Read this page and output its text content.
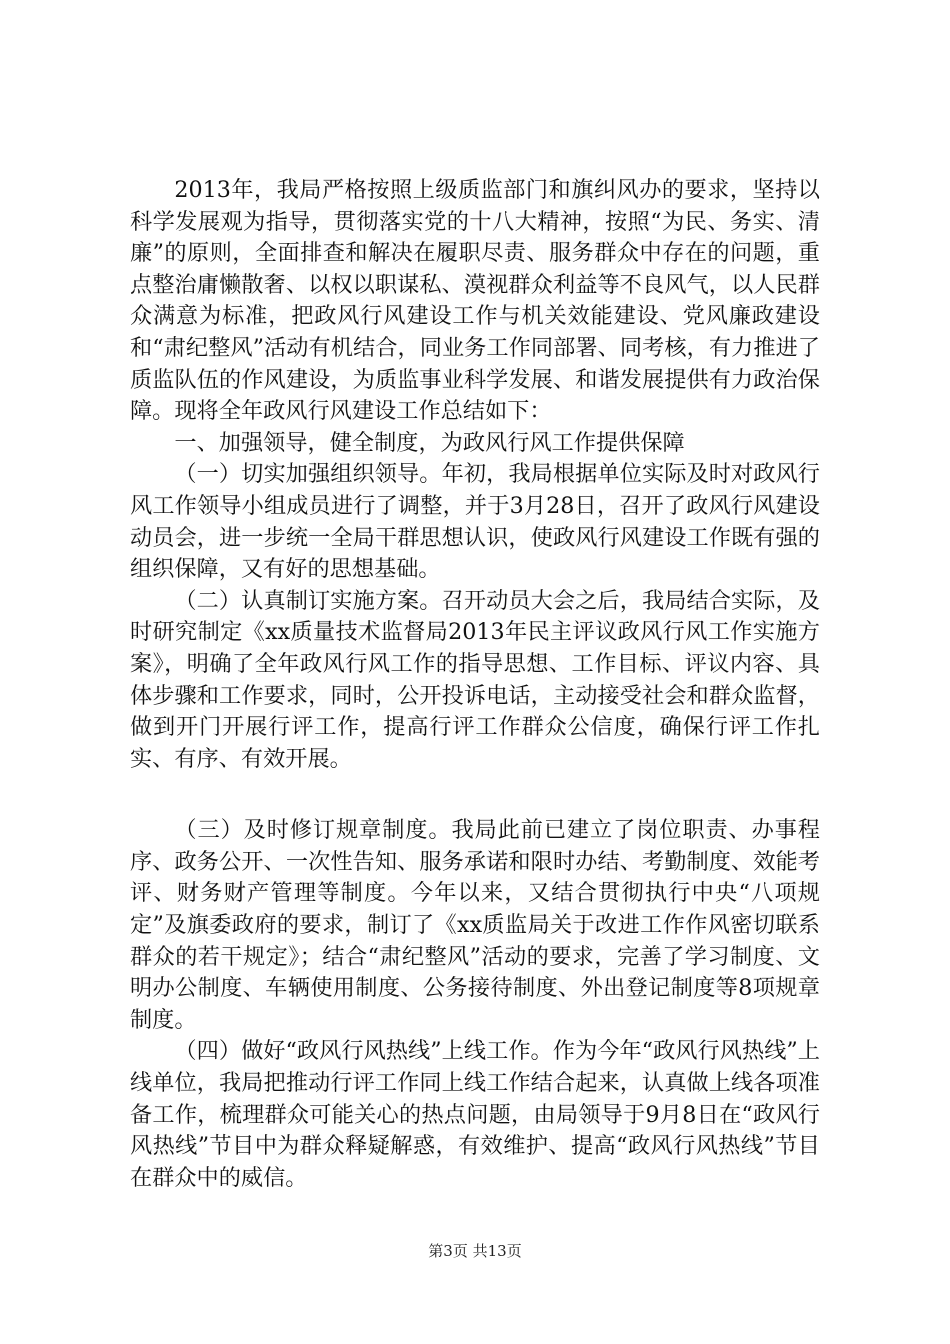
2013年，我局严格按照上级质监部门和旗纠风办的要求，坚持以科学发展观为指导，贯彻落实党的十八大精神，按照“为民、务实、清廉”的原则，全面排查和解决在履职尽责、服务群众中存在的问题，重点整治庸懒散奢、以权以职谋私、漠视群众利益等不良风气，以人民群众满意为标准，把政风行风建设工作与机关效能建设、党风廉政建设和“肃纪整风”活动有机结合，同业务工作同部署、同考核，有力推进了质监队伍的作风建设，为质监事业科学发展、和谐发展提供有力政治保障。现将全年政风行风建设工作总结如下：

一、加强领导，健全制度，为政风行风工作提供保障

（一）切实加强组织领导。年初，我局根据单位实际及时对政风行风工作领导小组成员进行了调整，并于3月28日，召开了政风行风建设动员会，进一步统一全局干群思想认识，使政风行风建设工作既有强的组织保障，又有好的思想基础。

（二）认真制订实施方案。召开动员大会之后，我局结合实际，及时研究制定《xx质量技术监督局2013年民主评议政风行风工作实施方案》，明确了全年政风行风工作的指导思想、工作目标、评议内容、具体步骤和工作要求，同时，公开投诉电话，主动接受社会和群众监督，做到开门开展行评工作，提高行评工作群众公信度，确保行评工作扎实、有序、有效开展。

（三）及时修订规章制度。我局此前已建立了岗位职责、办事程序、政务公开、一次性告知、服务承诺和限时办结、考勤制度、效能考评、财务财产管理等制度。今年以来，又结合贯彻执行中央“八项规定”及旗委政府的要求，制订了《xx质监局关于改进工作作风密切联系群众的若干规定》；结合“肃纪整风”活动的要求，完善了学习制度、文明办公制度、车辆使用制度、公务接待制度、外出登记制度等8项规章制度。

（四）做好“政风行风热线”上线工作。作为今年“政风行风热线”上线单位，我局把推动行评工作同上线工作结合起来，认真做上线各项准备工作，梳理群众可能关心的热点问题，由局领导于9月8日在“政风行风热线”节目中为群众释疑解惑，有效维护、提高“政风行风热线”节目在群众中的威信。

第3页 共13页
